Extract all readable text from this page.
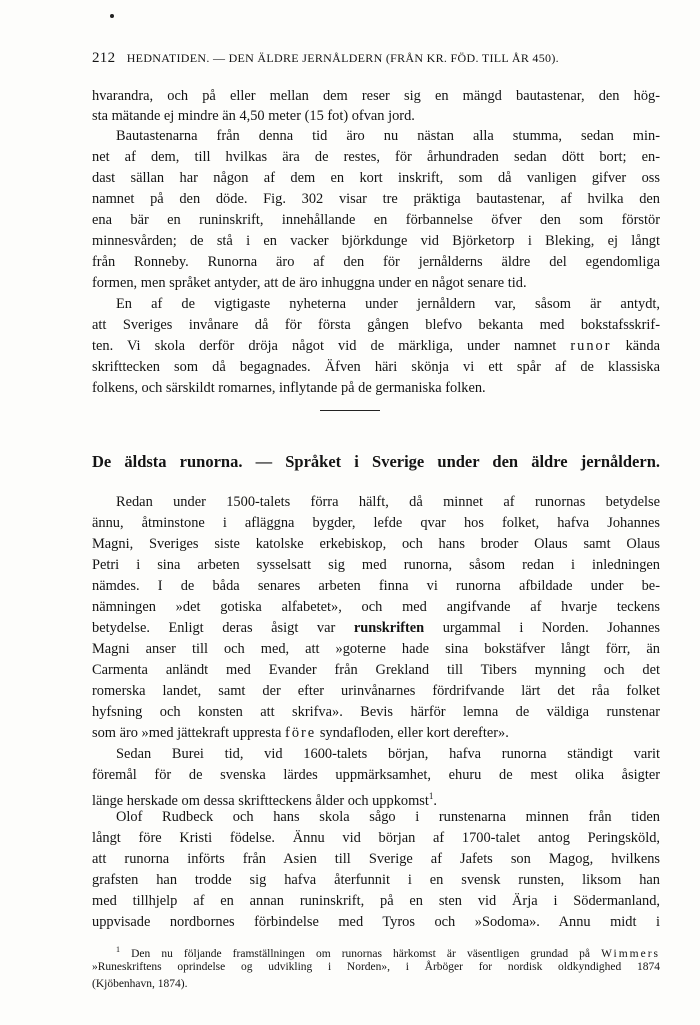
212 HEDNATIDEN. — DEN ÄLDRE JERNÅLDERN (FRÅN KR. FÖD. TILL ÅR 450).
hvarandra, och på eller mellan dem reser sig en mängd bautastenar, den hög-
sta mätande ej mindre än 4,50 meter (15 fot) ofvan jord.
Bautastenarna från denna tid äro nu nästan alla stumma, sedan min-
net af dem, till hvilkas ära de restes, för århundraden sedan dött bort; en-
dast sällan har någon af dem en kort inskrift, som då vanligen gifver oss
namnet på den döde. Fig. 302 visar tre präktiga bautastenar, af hvilka den
ena bär en runinskrift, innehållande en förbannelse öfver den som förstör
minnesvården; de stå i en vacker björkdunge vid Björketorp i Bleking, ej långt
från Ronneby. Runorna äro af den för jernålderns äldre del egendomliga
formen, men språket antyder, att de äro inhuggna under en något senare tid.
En af de vigtigaste nyheterna under jernåldern var, såsom är antydt,
att Sveriges invånare då för första gången blefvo bekanta med bokstafsskrif-
ten. Vi skola derför dröja något vid de märkliga, under namnet runor kända
skrifttecken som då begagnades. Äfven häri skönja vi ett spår af de klassiska
folkens, och särskildt romarnes, inflytande på de germaniska folken.
De äldsta runorna. — Språket i Sverige under den äldre jernåldern.
Redan under 1500-talets förra hälft, då minnet af runornas betydelse
ännu, åtminstone i afläggna bygder, lefde qvar hos folket, hafva Johannes
Magni, Sveriges siste katolske erkebiskop, och hans broder Olaus samt Olaus
Petri i sina arbeten sysselsatt sig med runorna, såsom redan i inledningen
nämdes. I de båda senares arbeten finna vi runorna afbildade under be-
nämningen »det gotiska alfabetet», och med angifvande af hvarje teckens
betydelse. Enligt deras åsigt var runskriften urgammal i Norden. Johannes
Magni anser till och med, att »goterne hade sina bokstäfver långt förr, än
Carmenta anländt med Evander från Grekland till Tibers mynning och det
romerska landet, samt der efter urinvånarnes fördrifvande lärt det råa folket
hyfsning och konsten att skrifva». Bevis härför lemna de väldiga runstenar
som äro »med jättekraft uppresta före syndafloden, eller kort derefter».
Sedan Burei tid, vid 1600-talets början, hafva runorna ständigt varit
föremål för de svenska lärdes uppmärksamhet, ehuru de mest olika åsigter
länge herskade om dessa skriftteckens ålder och uppkomst$^1$.
Olof Rudbeck och hans skola sågo i runstenarna minnen från tiden
långt före Kristi födelse. Ännu vid början af 1700-talet antog Peringsköld,
att runorna införts från Asien till Sverige af Jafets son Magog, hvilkens
grafsten han trodde sig hafva återfunnit i en svensk runsten, liksom han
med tillhjelp af en annan runinskrift, på en sten vid Ärja i Södermanland,
uppvisade nordbornes förbindelse med Tyros och »Sodoma». Annu midt i
$^1$ Den nu följande framställningen om runornas härkomst är väsentligen grundad på Wimmers
»Runeskriftens oprindelse og udvikling i Norden», i Årböger for nordisk oldkyndighed 1874
(Kjöbenhavn, 1874).
